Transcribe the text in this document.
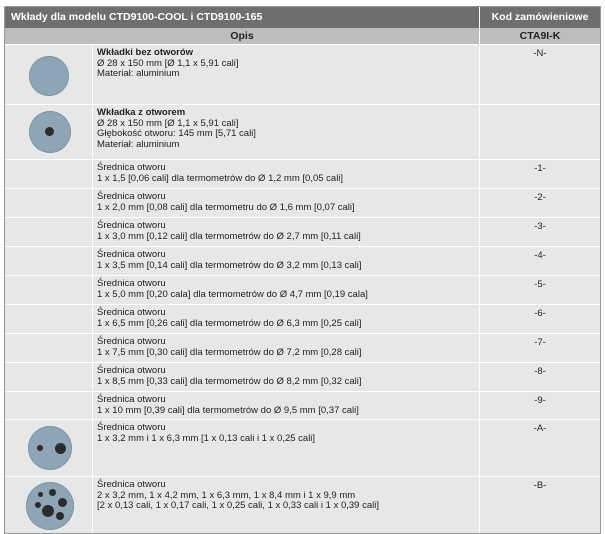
Wkłady dla modelu CTD9100-COOL i CTD9100-165	Kod zamówieniowe
Opis	CTA9I-K
Wkładki bez otworów
Ø 28 x 150 mm [Ø 1,1 x 5,91 cali]
Materiał: aluminium
-N-
Wkładka z otworem
Ø 28 x 150 mm [Ø 1,1 x 5,91 cali]
Głębokość otworu: 145 mm [5,71 cali]
Materiał: aluminium
Średnica otworu
1 x 1,5 [0,06 cali] dla termometrów do Ø 1,2 mm [0,05 cali]
-1-
Średnica otworu
1 x 2,0 mm [0,08 cali] dla termometru do Ø 1,6 mm [0,07 cali]
-2-
Średnica otworu
1 x 3,0 mm [0,12 cali] dla termometrów do Ø 2,7 mm [0,11 cali]
-3-
Średnica otworu
1 x 3,5 mm [0,14 cali] dla termometrów do Ø 3,2 mm [0,13 cali]
-4-
Średnica otworu
1 x 5,0 mm [0,20 cala] dla termometrów do Ø 4,7 mm [0,19 cala]
-5-
Średnica otworu
1 x 6,5 mm [0,26 cali] dla termometrów do Ø 6,3 mm [0,25 cali]
-6-
Średnica otworu
1 x 7,5 mm [0,30 cali] dla termometrów do Ø 7,2 mm [0,28 cali]
-7-
Średnica otworu
1 x 8,5 mm [0,33 cali] dla termometrów do Ø 8,2 mm [0,32 cali]
-8-
Średnica otworu
1 x 10 mm [0,39 cali] dla termometrów do Ø 9,5 mm [0,37 cali]
-9-
Średnica otworu
1 x 3,2 mm i 1 x 6,3 mm [1 x 0,13 cali i 1 x 0,25 cali]
-A-
Średnica otworu
2 x 3,2 mm, 1 x 4,2 mm, 1 x 6,3 mm, 1 x 8,4 mm i 1 x 9,9 mm
[2 x 0,13 cali, 1 x 0,17 cali, 1 x 0,25 cali, 1 x 0,33 cali i 1 x 0,39 cali]
-B-
